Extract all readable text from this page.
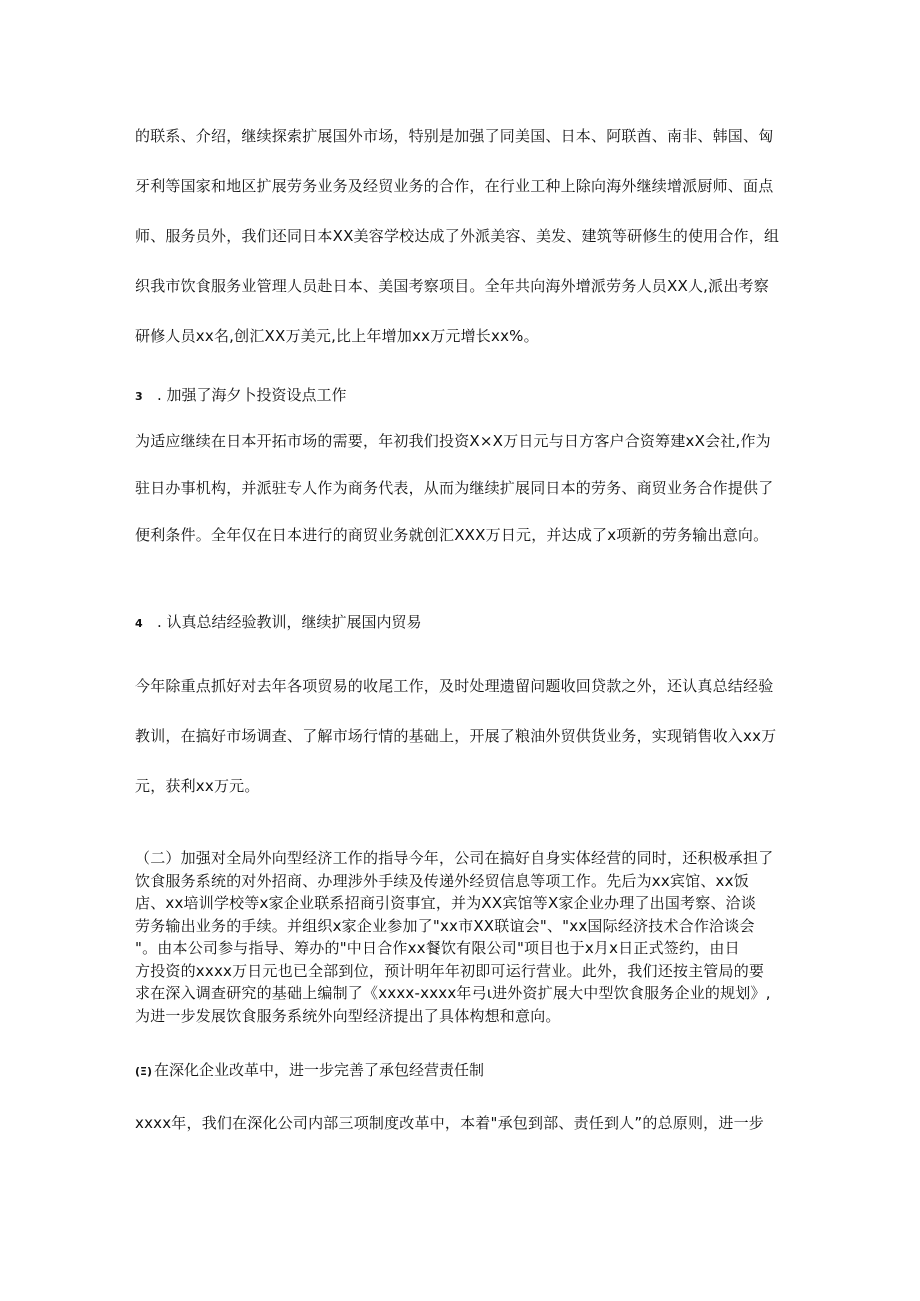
的联系、介绍，继续探索扩展国外市场，特别是加强了同美国、日本、阿联酋、南非、韩国、匈
牙利等国家和地区扩展劳务业务及经贸业务的合作，在行业工种上除向海外继续增派厨师、面点
师、服务员外，我们还同日本XX美容学校达成了外派美容、美发、建筑等研修生的使用合作，组
织我市饮食服务业管理人员赴日本、美国考察项目。全年共向海外增派劳务人员XX人,派出考察
研修人员xx名,创汇XX万美元,比上年增加xx万元增长xx%。
3 . 加强了海夕卜投资设点工作
为适应继续在日本开拓市场的需要，年初我们投资X×X万日元与日方客户合资筹建xX会社,作为
驻日办事机构，并派驻专人作为商务代表，从而为继续扩展同日本的劳务、商贸业务合作提供了
便利条件。全年仅在日本进行的商贸业务就创汇XXX万日元，并达成了x项新的劳务输出意向。
4 . 认真总结经验教训，继续扩展国内贸易
今年除重点抓好对去年各项贸易的收尾工作，及时处理遗留问题收回贷款之外，还认真总结经验
教训，在搞好市场调查、了解市场行情的基础上，开展了粮油外贸供货业务，实现销售收入xx万
元，获利xx万元。
（二）加强对全局外向型经济工作的指导今年，公司在搞好自身实体经营的同时，还积极承担了
饮食服务系统的对外招商、办理涉外手续及传递外经贸信息等项工作。先后为xx宾馆、xx饭
店、xx培训学校等x家企业联系招商引资事宜，并为XX宾馆等X家企业办理了出国考察、洽谈
劳务输出业务的手续。并组织x家企业参加了"xx市XX联谊会"、"xx国际经济技术合作洽谈会
"。由本公司参与指导、筹办的"中日合作xx餐饮有限公司"项目也于x月x日正式签约，由日
方投资的xxxx万日元也已全部到位，预计明年年初即可运行营业。此外，我们还按主管局的要
求在深入调查研究的基础上编制了《xxxx-xxxx年弓ι进外资扩展大中型饮食服务企业的规划》,
为进一步发展饮食服务系统外向型经济提出了具体构想和意向。
(Ξ) 在深化企业改革中，进一步完善了承包经营责任制
xxxx年，我们在深化公司内部三项制度改革中，本着"承包到部、责任到人”的总原则，进一步
